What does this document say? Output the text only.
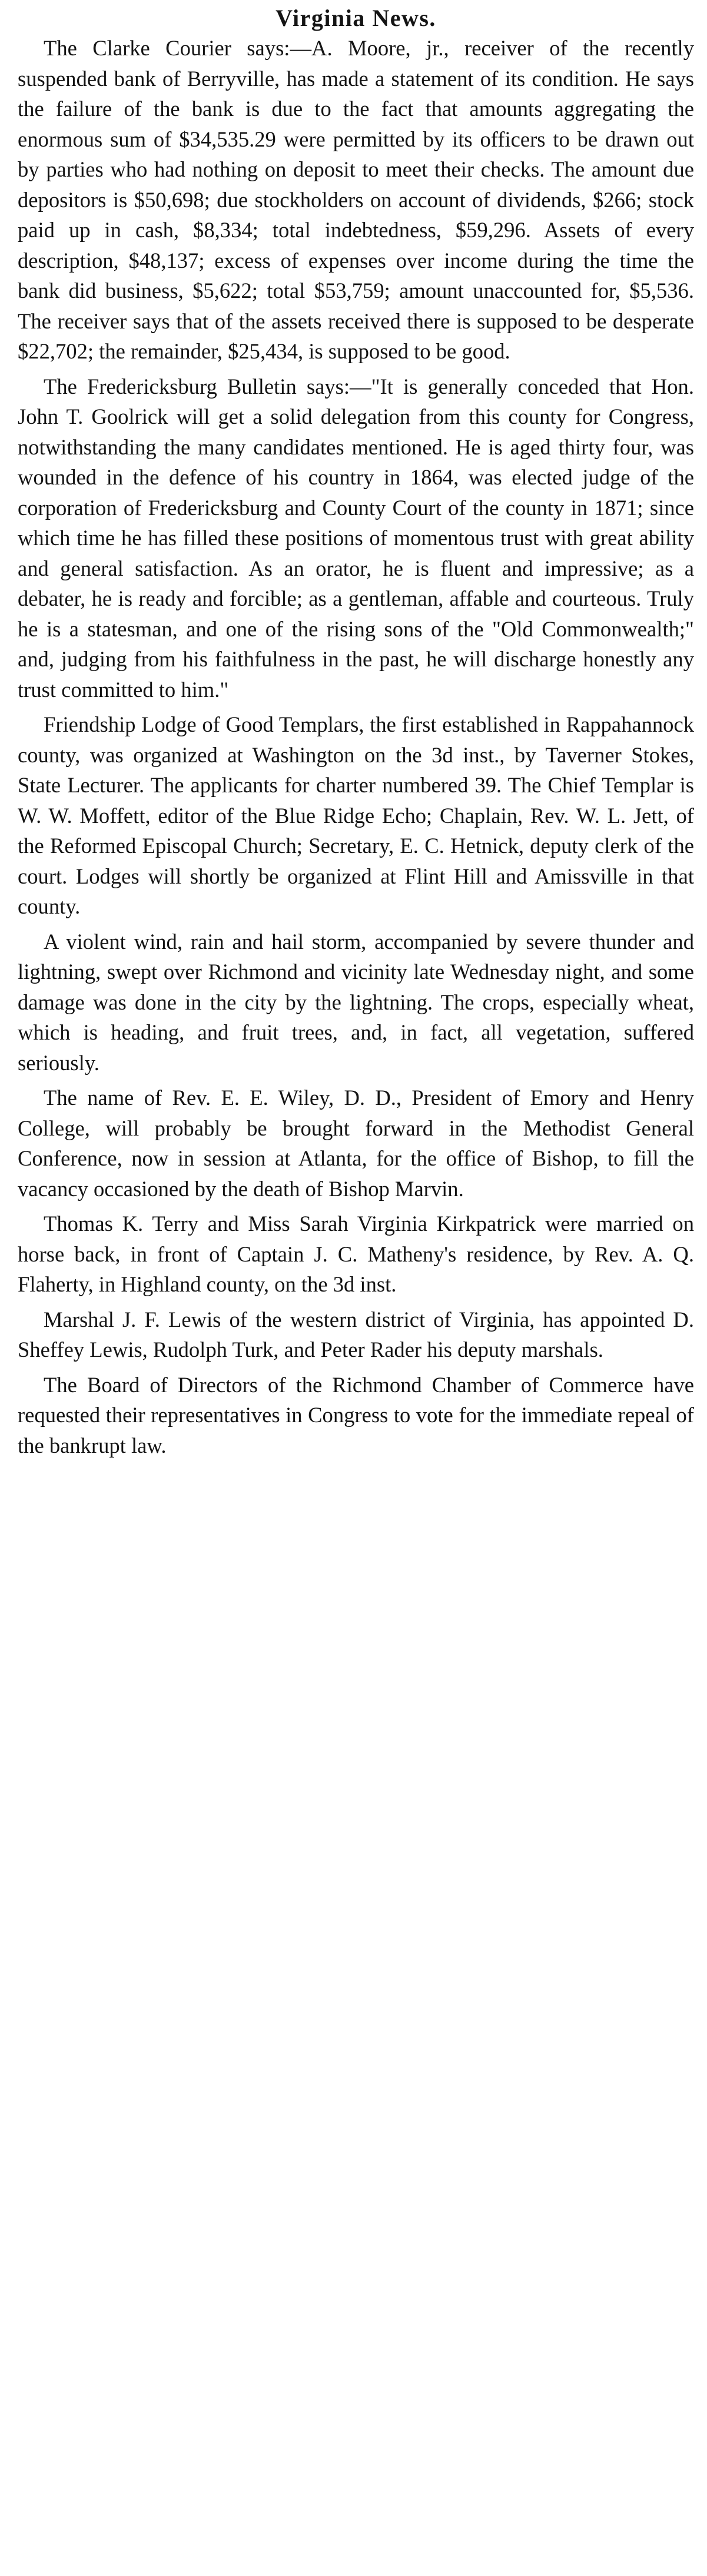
Virginia News.

The Clarke Courier says:—A. Moore, jr., receiver of the recently suspended bank of Berryville, has made a statement of its condition. He says the failure of the bank is due to the fact that amounts aggregating the enormous sum of $34,535.29 were permitted by its officers to be drawn out by parties who had nothing on deposit to meet their checks. The amount due depositors is $50,698; due stockholders on account of dividends, $266; stock paid up in cash, $8,334; total indebtedness, $59,296. Assets of every description, $48,137; excess of expenses over income during the time the bank did business, $5,622; total $53,759; amount unaccounted for, $5,536. The receiver says that of the assets received there is supposed to be desperate $22,702; the remainder, $25,434, is supposed to be good.

The Fredericksburg Bulletin says:—"It is generally conceded that Hon. John T. Goolrick will get a solid delegation from this county for Congress, notwithstanding the many candidates mentioned. He is aged thirty four, was wounded in the defence of his country in 1864, was elected judge of the corporation of Fredericksburg and County Court of the county in 1871; since which time he has filled these positions of momentous trust with great ability and general satisfaction. As an orator, he is fluent and impressive; as a debater, he is ready and forcible; as a gentleman, affable and courteous. Truly he is a statesman, and one of the rising sons of the "Old Commonwealth;" and, judging from his faithfulness in the past, he will discharge honestly any trust committed to him."

Friendship Lodge of Good Templars, the first established in Rappahannock county, was organized at Washington on the 3d inst., by Taverner Stokes, State Lecturer. The applicants for charter numbered 39. The Chief Templar is W. W. Moffett, editor of the Blue Ridge Echo; Chaplain, Rev. W. L. Jett, of the Reformed Episcopal Church; Secretary, E. C. Hetnick, deputy clerk of the court. Lodges will shortly be organized at Flint Hill and Amissville in that county.

A violent wind, rain and hail storm, accompanied by severe thunder and lightning, swept over Richmond and vicinity late Wednesday night, and some damage was done in the city by the lightning. The crops, especially wheat, which is heading, and fruit trees, and, in fact, all vegetation, suffered seriously.

The name of Rev. E. E. Wiley, D. D., President of Emory and Henry College, will probably be brought forward in the Methodist General Conference, now in session at Atlanta, for the office of Bishop, to fill the vacancy occasioned by the death of Bishop Marvin.

Thomas K. Terry and Miss Sarah Virginia Kirkpatrick were married on horse back, in front of Captain J. C. Matheny's residence, by Rev. A. Q. Flaherty, in Highland county, on the 3d inst.

Marshal J. F. Lewis of the western district of Virginia, has appointed D. Sheffey Lewis, Rudolph Turk, and Peter Rader his deputy marshals.

The Board of Directors of the Richmond Chamber of Commerce have requested their representatives in Congress to vote for the immediate repeal of the bankrupt law.
